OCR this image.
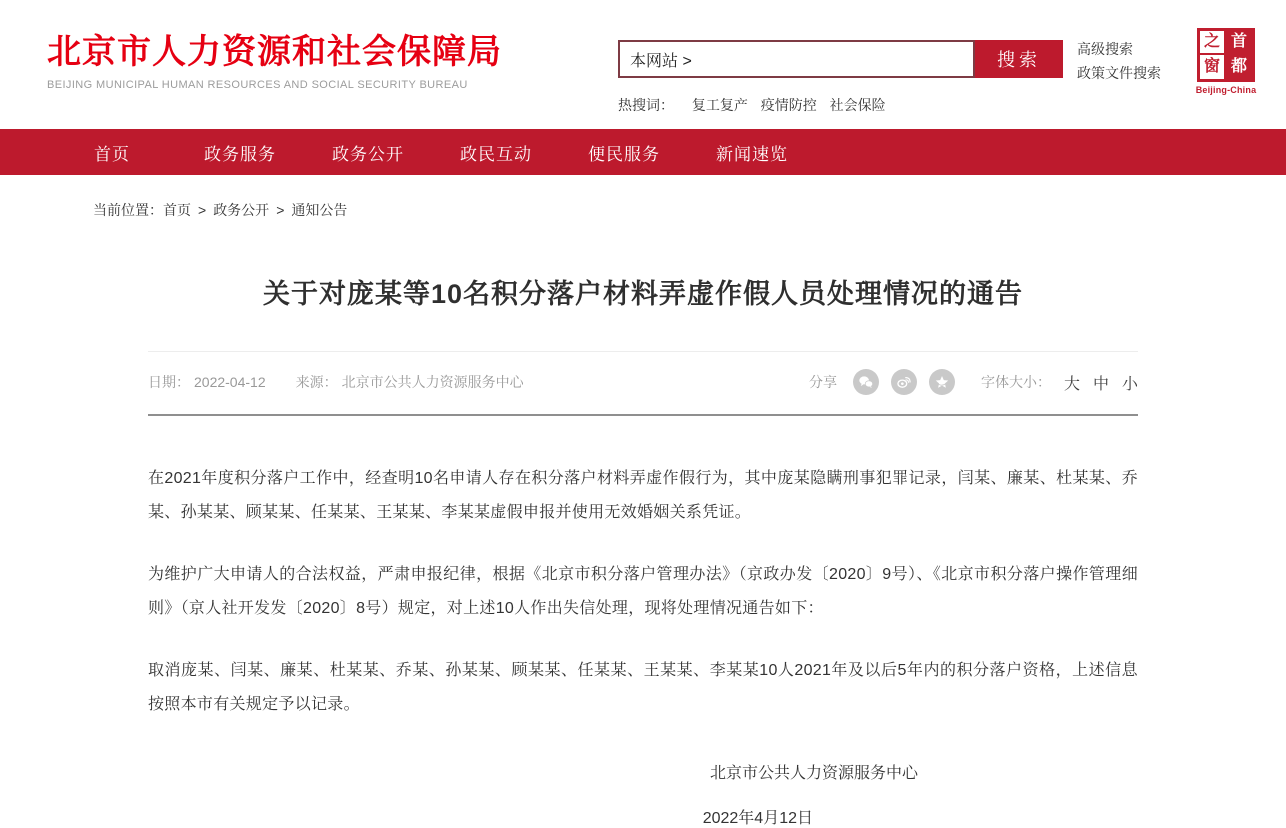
北京市人力资源和社会保障局
BEIJING MUNICIPAL HUMAN RESOURCES AND SOCIAL SECURITY BUREAU
本网站 >	搜索
高级搜索
政策文件搜索
热搜词： 复工复产 疫情防控 社会保险
之 首
窗 都
Beijing-China
首页	政务服务	政务公开	政民互动	便民服务	新闻速览
当前位置：首页 > 政务公开 > 通知公告
关于对庞某等10名积分落户材料弄虚作假人员处理情况的通告
日期： 2022-04-12 来源： 北京市公共人力资源服务中心	分享	字体大小： 大 中 小

在2021年度积分落户工作中，经查明10名申请人存在积分落户材料弄虚作假行为，其中庞某隐瞒刑事犯罪记录，闫某、廉某、杜某某、乔某、孙某某、顾某某、任某某、王某某、李某某虚假申报并使用无效婚姻关系凭证。

为维护广大申请人的合法权益，严肃申报纪律，根据《北京市积分落户管理办法》（京政办发〔2020〕9号）、《北京市积分落户操作管理细则》（京人社开发发〔2020〕8号）规定，对上述10人作出失信处理，现将处理情况通告如下：

取消庞某、闫某、廉某、杜某某、乔某、孙某某、顾某某、任某某、王某某、李某某10人2021年及以后5年内的积分落户资格，上述信息按照本市有关规定予以记录。

北京市公共人力资源服务中心
2022年4月12日
